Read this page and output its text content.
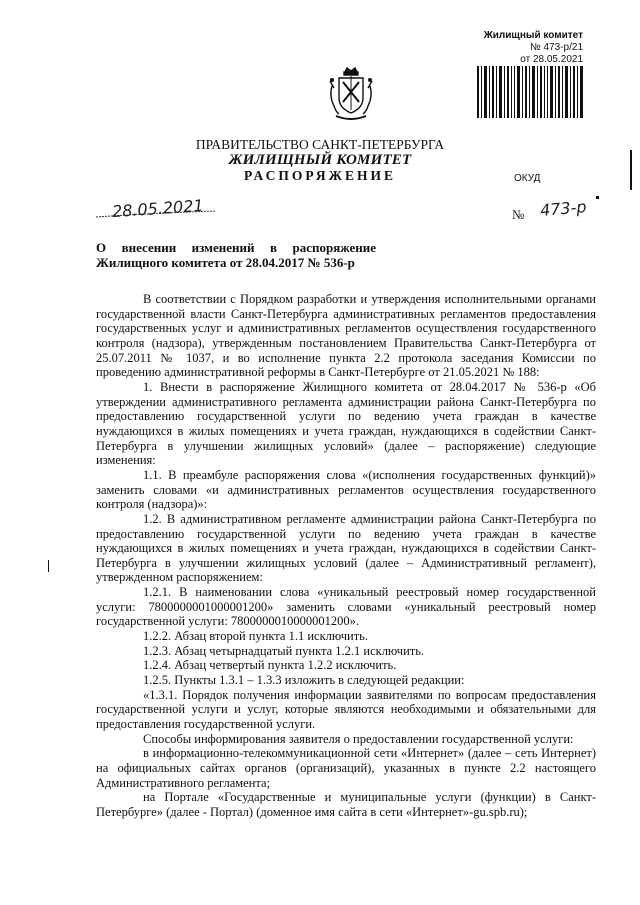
Жилищный комитет
№ 473-р/21
от 28.05.2021
ПРАВИТЕЛЬСТВО САНКТ-ПЕТЕРБУРГА
ЖИЛИЩНЫЙ КОМИТЕТ
РАСПОРЯЖЕНИЕ	ОКУД
28.05.2021	№ 473-р
О внесении изменений в распоряжение
Жилищного комитета от 28.04.2017 № 536-р

В соответствии с Порядком разработки и утверждения исполнительными органами государственной власти Санкт-Петербурга административных регламентов предоставления государственных услуг и административных регламентов осуществления государственного контроля (надзора), утвержденным постановлением Правительства Санкт-Петербурга от 25.07.2011 № 1037, и во исполнение пункта 2.2 протокола заседания Комиссии по проведению административной реформы в Санкт-Петербурге от 21.05.2021 № 188:

1. Внести в распоряжение Жилищного комитета от 28.04.2017 № 536-р «Об утверждении административного регламента администрации района Санкт-Петербурга по предоставлению государственной услуги по ведению учета граждан в качестве нуждающихся в жилых помещениях и учета граждан, нуждающихся в содействии Санкт-Петербурга в улучшении жилищных условий» (далее – распоряжение) следующие изменения:

1.1. В преамбуле распоряжения слова «(исполнения государственных функций)» заменить словами «и административных регламентов осуществления государственного контроля (надзора)»:

1.2. В административном регламенте администрации района Санкт-Петербурга по предоставлению государственной услуги по ведению учета граждан в качестве нуждающихся в жилых помещениях и учета граждан, нуждающихся в содействии Санкт-Петербурга в улучшении жилищных условий (далее – Административный регламент), утвержденном распоряжением:

1.2.1. В наименовании слова «уникальный реестровый номер государственной услуги: 7800000001000001200» заменить словами «уникальный реестровый номер государственной услуги: 7800000010000001200».

1.2.2. Абзац второй пункта 1.1 исключить.

1.2.3. Абзац четырнадцатый пункта 1.2.1 исключить.

1.2.4. Абзац четвертый пункта 1.2.2 исключить.

1.2.5. Пункты 1.3.1 – 1.3.3 изложить в следующей редакции:

«1.3.1. Порядок получения информации заявителями по вопросам предоставления государственной услуги и услуг, которые являются необходимыми и обязательными для предоставления государственной услуги.

Способы информирования заявителя о предоставлении государственной услуги:

в информационно-телекоммуникационной сети «Интернет» (далее – сеть Интернет) на официальных сайтах органов (организаций), указанных в пункте 2.2 настоящего Административного регламента;

на Портале «Государственные и муниципальные услуги (функции) в Санкт-Петербурге» (далее - Портал) (доменное имя сайта в сети «Интернет»-gu.spb.ru);
